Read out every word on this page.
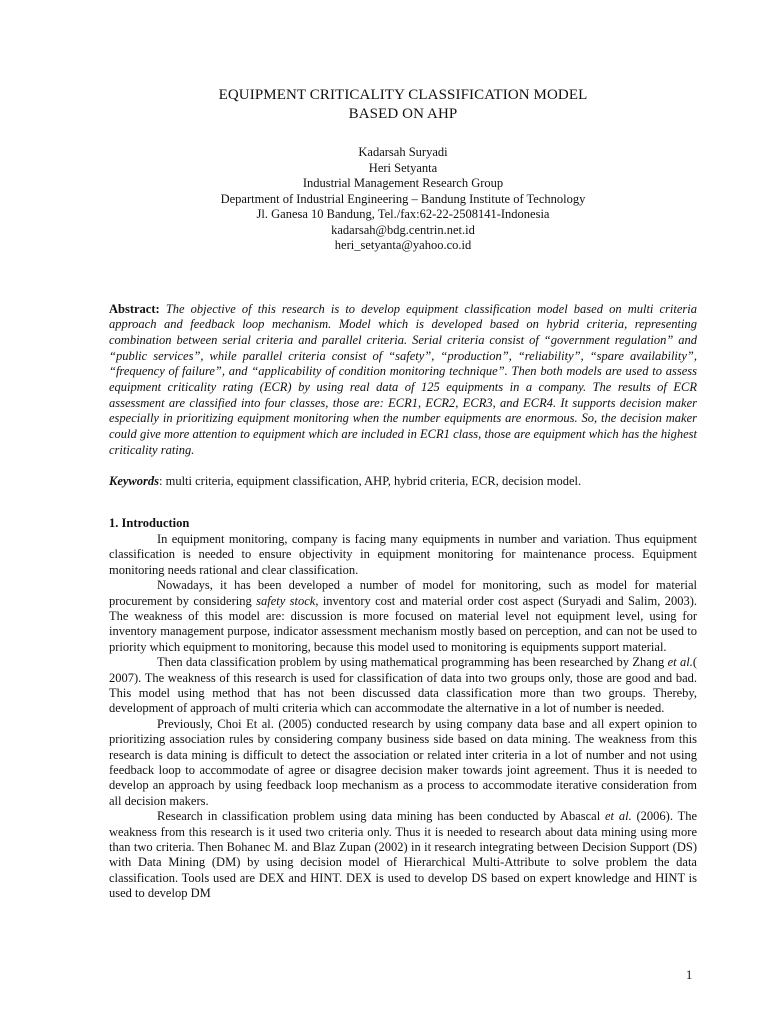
EQUIPMENT CRITICALITY CLASSIFICATION MODEL
BASED ON AHP
Kadarsah Suryadi
Heri Setyanta
Industrial Management Research Group
Department of Industrial Engineering – Bandung Institute of Technology
Jl. Ganesa 10 Bandung, Tel./fax:62-22-2508141-Indonesia
kadarsah@bdg.centrin.net.id
heri_setyanta@yahoo.co.id
Abstract: The objective of this research is to develop equipment classification model based on multi criteria approach and feedback loop mechanism. Model which is developed based on hybrid criteria, representing combination between serial criteria and parallel criteria. Serial criteria consist of “government regulation” and “public services”, while parallel criteria consist of “safety”, “production”, “reliability”, “spare availability”, “frequency of failure”, and “applicability of condition monitoring technique”. Then both models are used to assess equipment criticality rating (ECR) by using real data of 125 equipments in a company. The results of ECR assessment are classified into four classes, those are: ECR1, ECR2, ECR3, and ECR4. It supports decision maker especially in prioritizing equipment monitoring when the number equipments are enormous. So, the decision maker could give more attention to equipment which are included in ECR1 class, those are equipment which has the highest criticality rating.
Keywords: multi criteria, equipment classification, AHP, hybrid criteria, ECR, decision model.
1. Introduction

In equipment monitoring, company is facing many equipments in number and variation. Thus equipment classification is needed to ensure objectivity in equipment monitoring for maintenance process. Equipment monitoring needs rational and clear classification.

Nowadays, it has been developed a number of model for monitoring, such as model for material procurement by considering safety stock, inventory cost and material order cost aspect (Suryadi and Salim, 2003). The weakness of this model are: discussion is more focused on material level not equipment level, using for inventory management purpose, indicator assessment mechanism mostly based on perception, and can not be used to priority which equipment to monitoring, because this model used to monitoring is equipments support material.

Then data classification problem by using mathematical programming has been researched by Zhang et al.( 2007). The weakness of this research is used for classification of data into two groups only, those are good and bad. This model using method that has not been discussed data classification more than two groups. Thereby, development of approach of multi criteria which can accommodate the alternative in a lot of number is needed.

Previously, Choi Et al. (2005) conducted research by using company data base and all expert opinion to prioritizing association rules by considering company business side based on data mining. The weakness from this research is data mining is difficult to detect the association or related inter criteria in a lot of number and not using feedback loop to accommodate of agree or disagree decision maker towards joint agreement. Thus it is needed to develop an approach by using feedback loop mechanism as a process to accommodate iterative consideration from all decision makers.

Research in classification problem using data mining has been conducted by Abascal et al. (2006). The weakness from this research is it used two criteria only. Thus it is needed to research about data mining using more than two criteria. Then Bohanec M. and Blaz Zupan (2002) in it research integrating between Decision Support (DS) with Data Mining (DM) by using decision model of Hierarchical Multi-Attribute to solve problem the data classification. Tools used are DEX and HINT. DEX is used to develop DS based on expert knowledge and HINT is used to develop DM

1
